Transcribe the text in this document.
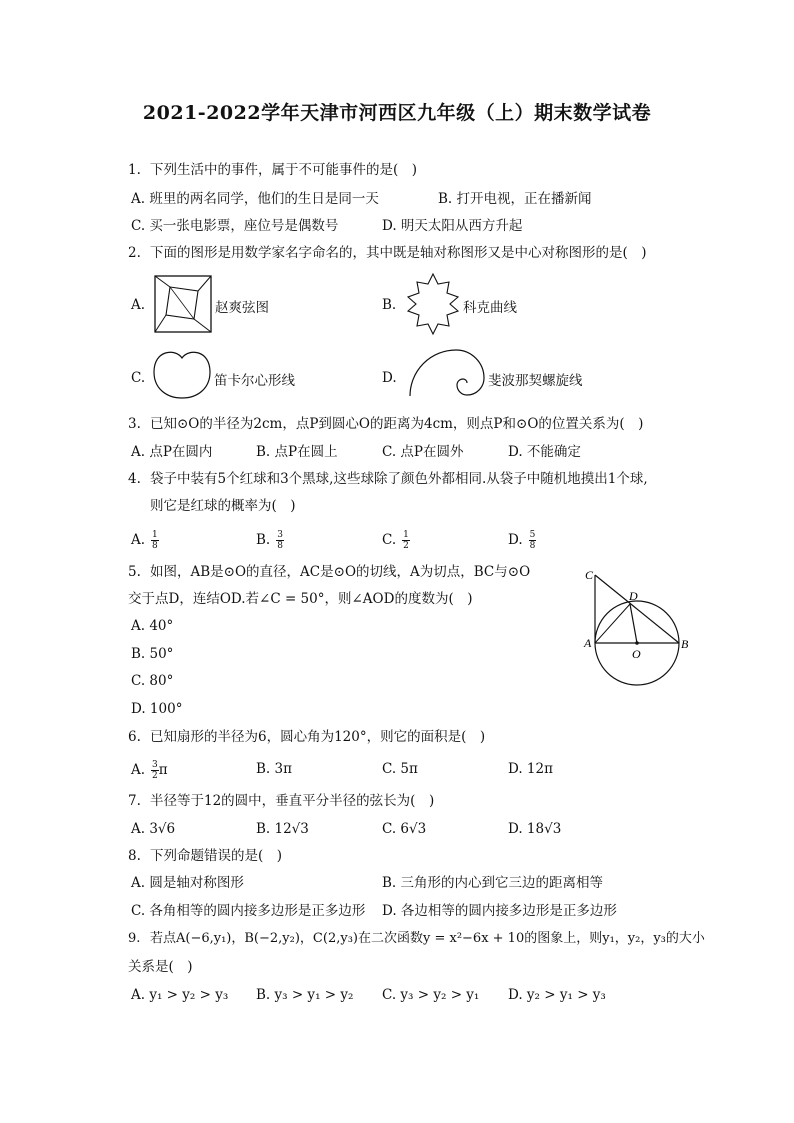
2021-2022学年天津市河西区九年级（上）期末数学试卷
1. 下列生活中的事件，属于不可能事件的是(　)
A. 班里的两名同学，他们的生日是同一天	B. 打开电视，正在播新闻
C. 买一张电影票，座位号是偶数号	D. 明天太阳从西方升起
2. 下面的图形是用数学家名字命名的，其中既是轴对称图形又是中心对称图形的是(　)
A.	赵爽弦图	B.	科克曲线
C.	笛卡尔心形线	D.	斐波那契螺旋线
3. 已知⊙O的半径为2cm，点P到圆心O的距离为4cm，则点P和⊙O的位置关系为(　)
A. 点P在圆内	B. 点P在圆上	C. 点P在圆外	D. 不能确定
4. 袋子中装有5个红球和3个黑球,这些球除了颜色外都相同.从袋子中随机地摸出1个球,
则它是红球的概率为(　)
A. $\frac{1}{8}$	B. $\frac{3}{8}$	C. $\frac{1}{2}$	D. $\frac{5}{8}$
5. 如图，AB是⊙O的直径，AC是⊙O的切线，A为切点，BC与⊙O
交于点D，连结OD.若∠C = 50°，则∠AOD的度数为(　)
A. 40°
B. 50°
C. 80°
D. 100°
C
D
A
O
B
6. 已知扇形的半径为6，圆心角为120°，则它的面积是(　)
A. $\frac{3}{2}$ π	B. 3π	C. 5π	D. 12π
7. 半径等于12的圆中，垂直平分半径的弦长为(　)
A. 3√6	B. 12√3	C. 6√3	D. 18√3
8. 下列命题错误的是(　)
A. 圆是轴对称图形	B. 三角形的内心到它三边的距离相等
C. 各角相等的圆内接多边形是正多边形 D. 各边相等的圆内接多边形是正多边形
9. 若点A(−6,y₁)，B(−2,y₂)，C(2,y₃)在二次函数y = x²−6x + 10的图象上，则y₁，y₂，y₃的大小
关系是(　)
A. y₁ > y₂ > y₃ B. y₃ > y₁ > y₂ C. y₃ > y₂ > y₁ D. y₂ > y₁ > y₃
